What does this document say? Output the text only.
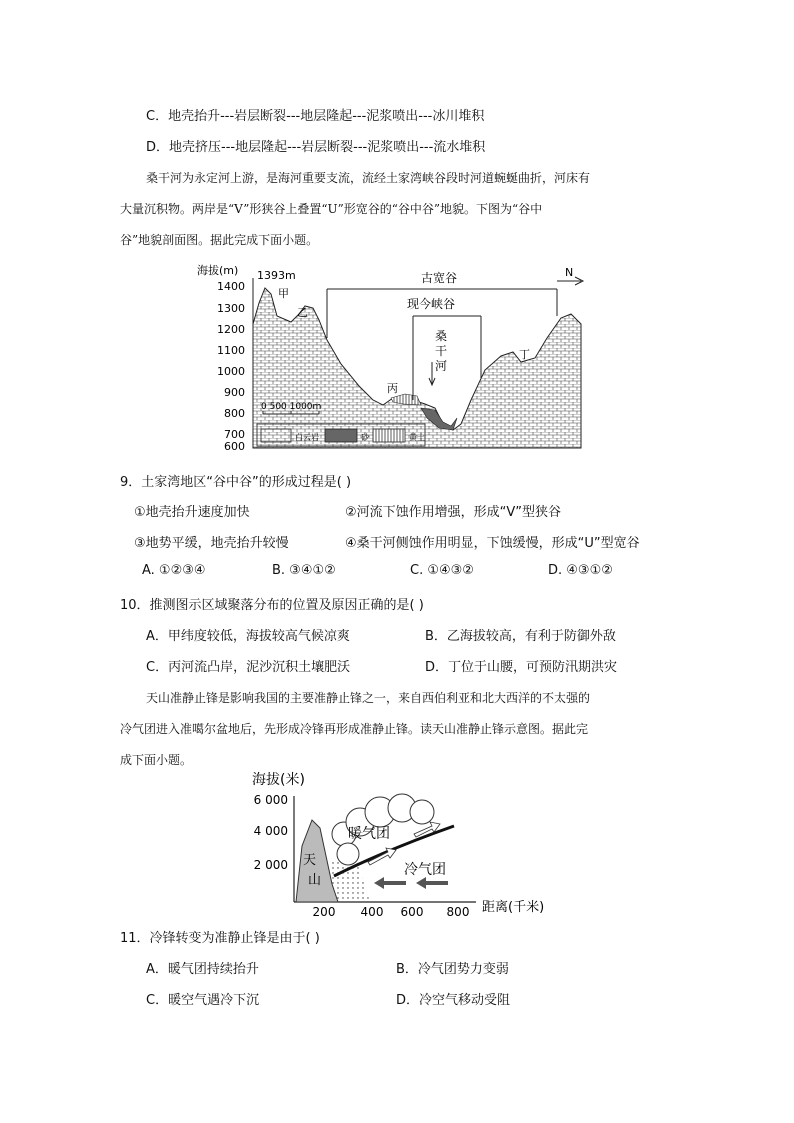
C．地壳抬升---岩层断裂---地层隆起---泥浆喷出---冰川堆积
D．地壳挤压---地层隆起---岩层断裂---泥浆喷出---流水堆积
桑干河为永定河上游，是海河重要支流，流经土家湾峡谷段时河道蜿蜒曲折，河床有
大量沉积物。两岸是“V”形狭谷上叠置“U”形宽谷的“谷中谷”地貌。下图为“谷中
谷”地貌剖面图。据此完成下面小题。
海拔(m)
1400
1300
1200
1100
1000
900
800
700
600
1393m
甲
乙
丙
丁
古宽谷	N
现今峡谷
桑
干
河
0 500 1000m
白云岩	砂	黄土
9．土家湾地区“谷中谷”的形成过程是( )
①地壳抬升速度加快	②河流下蚀作用增强，形成“V”型狭谷
③地势平缓，地壳抬升较慢	④桑干河侧蚀作用明显，下蚀缓慢，形成“U”型宽谷
A. ①②③④	B. ③④①②	C. ①④③②	D. ④③①②
10．推测图示区域聚落分布的位置及原因正确的是( )
A．甲纬度较低，海拔较高气候凉爽	B．乙海拔较高，有利于防御外敌
C．丙河流凸岸，泥沙沉积土壤肥沃	D．丁位于山腰，可预防汛期洪灾
天山准静止锋是影响我国的主要准静止锋之一，来自西伯利亚和北大西洋的不太强的
冷气团进入准噶尔盆地后，先形成冷锋再形成准静止锋。读天山准静止锋示意图。据此完
成下面小题。
海拔(米)
6 000
4 000
2 000
200 400 600 800 距离(千米)
天
山
暖气团
冷气团
11．冷锋转变为准静止锋是由于( )
A．暖气团持续抬升	B．冷气团势力变弱
C．暖空气遇冷下沉	D．冷空气移动受阻
